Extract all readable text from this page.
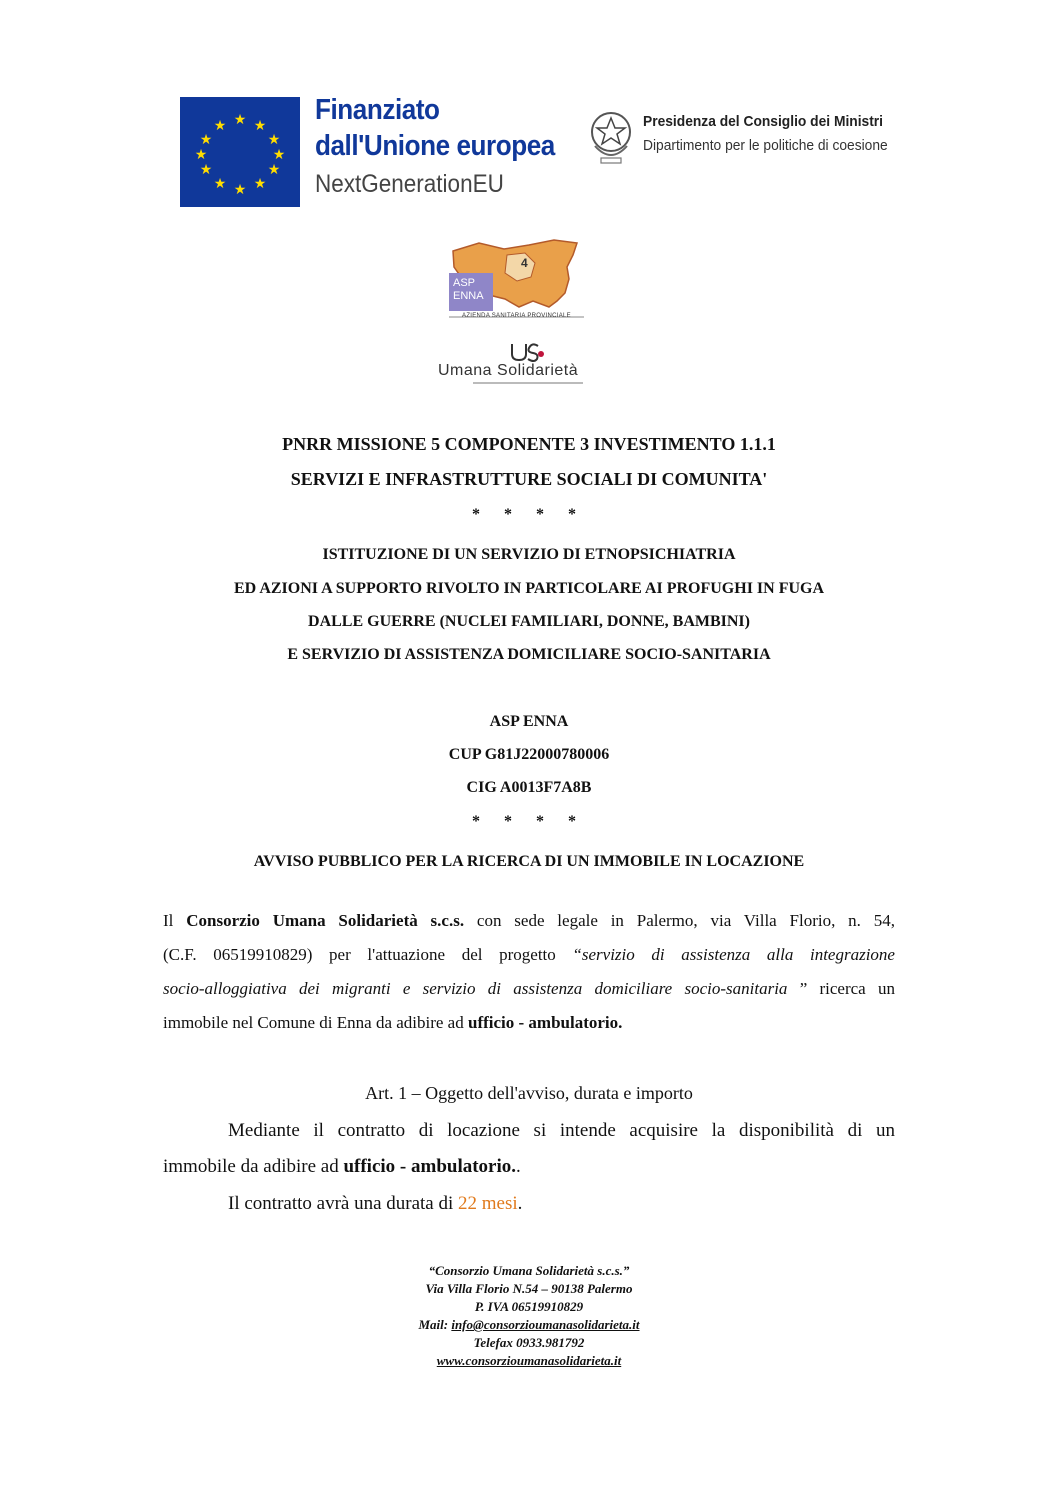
★ ★
★
★
★
★
★
★
★
★
★
★	Finanziato
dall'Unione europea
NextGenerationEU
Presidenza del Consiglio dei Ministri
Dipartimento per le politiche di coesione
4
ASP
ENNA
AZIENDA SANITARIA PROVINCIALE
Umana Solidarietà
PNRR MISSIONE 5 COMPONENTE 3 INVESTIMENTO 1.1.1
SERVIZI E INFRASTRUTTURE SOCIALI DI COMUNITA'
* * * *
ISTITUZIONE DI UN SERVIZIO DI ETNOPSICHIATRIA
ED AZIONI A SUPPORTO RIVOLTO IN PARTICOLARE AI PROFUGHI IN FUGA
DALLE GUERRE (NUCLEI FAMILIARI, DONNE, BAMBINI)
E SERVIZIO DI ASSISTENZA DOMICILIARE SOCIO-SANITARIA
ASP ENNA
CUP G81J22000780006
CIG A0013F7A8B
* * * *
AVVISO PUBBLICO PER LA RICERCA DI UN IMMOBILE IN LOCAZIONE
Il Consorzio Umana Solidarietà s.c.s. con sede legale in Palermo, via Villa Florio, n. 54,
(C.F. 06519910829) per l'attuazione del progetto “servizio di assistenza alla integrazione
socio-alloggiativa dei migranti e servizio di assistenza domiciliare socio-sanitaria ” ricerca un
immobile nel Comune di Enna da adibire ad ufficio - ambulatorio.
Art. 1 – Oggetto dell'avviso, durata e importo
Mediante il contratto di locazione si intende acquisire la disponibilità di un
immobile da adibire ad ufficio - ambulatorio..
Il contratto avrà una durata di 22 mesi.
“Consorzio Umana Solidarietà s.c.s.”
Via Villa Florio N.54 – 90138 Palermo
P. IVA 06519910829
Mail: info@consorzioumanasolidarieta.it
Telefax 0933.981792
www.consorzioumanasolidarieta.it
